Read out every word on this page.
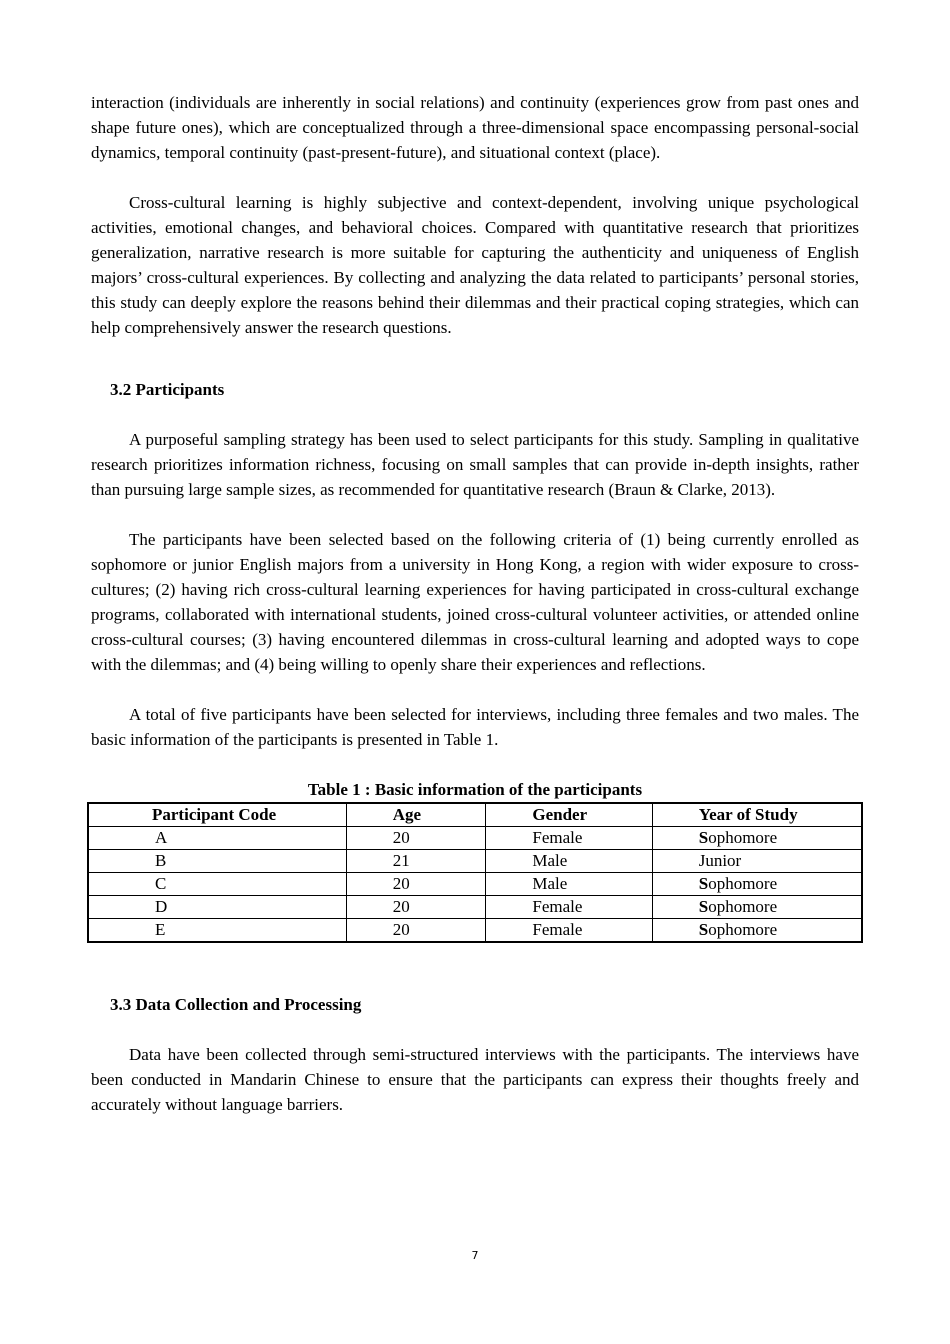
interaction (individuals are inherently in social relations) and continuity (experiences grow from past ones and shape future ones), which are conceptualized through a three-dimensional space encompassing personal-social dynamics, temporal continuity (past-present-future), and situational context (place).

Cross-cultural learning is highly subjective and context-dependent, involving unique psychological activities, emotional changes, and behavioral choices. Compared with quantitative research that prioritizes generalization, narrative research is more suitable for capturing the authenticity and uniqueness of English majors’ cross-cultural experiences. By collecting and analyzing the data related to participants’ personal stories, this study can deeply explore the reasons behind their dilemmas and their practical coping strategies, which can help comprehensively answer the research questions.

3.2 Participants

A purposeful sampling strategy has been used to select participants for this study. Sampling in qualitative research prioritizes information richness, focusing on small samples that can provide in-depth insights, rather than pursuing large sample sizes, as recommended for quantitative research (Braun & Clarke, 2013).

The participants have been selected based on the following criteria of (1) being currently enrolled as sophomore or junior English majors from a university in Hong Kong, a region with wider exposure to cross-cultures; (2) having rich cross-cultural learning experiences for having participated in cross-cultural exchange programs, collaborated with international students, joined cross-cultural volunteer activities, or attended online cross-cultural courses; (3) having encountered dilemmas in cross-cultural learning and adopted ways to cope with the dilemmas; and (4) being willing to openly share their experiences and reflections.

A total of five participants have been selected for interviews, including three females and two males. The basic information of the participants is presented in Table 1.

Table 1 : Basic information of the participants

Participant Code	Age	Gender	Year of Study
A	20	Female	Sophomore
B	21	Male	Junior
C	20	Male	Sophomore
D	20	Female	Sophomore
E	20	Female	Sophomore
3.3 Data Collection and Processing

Data have been collected through semi-structured interviews with the participants. The interviews have been conducted in Mandarin Chinese to ensure that the participants can express their thoughts freely and accurately without language barriers.

7
